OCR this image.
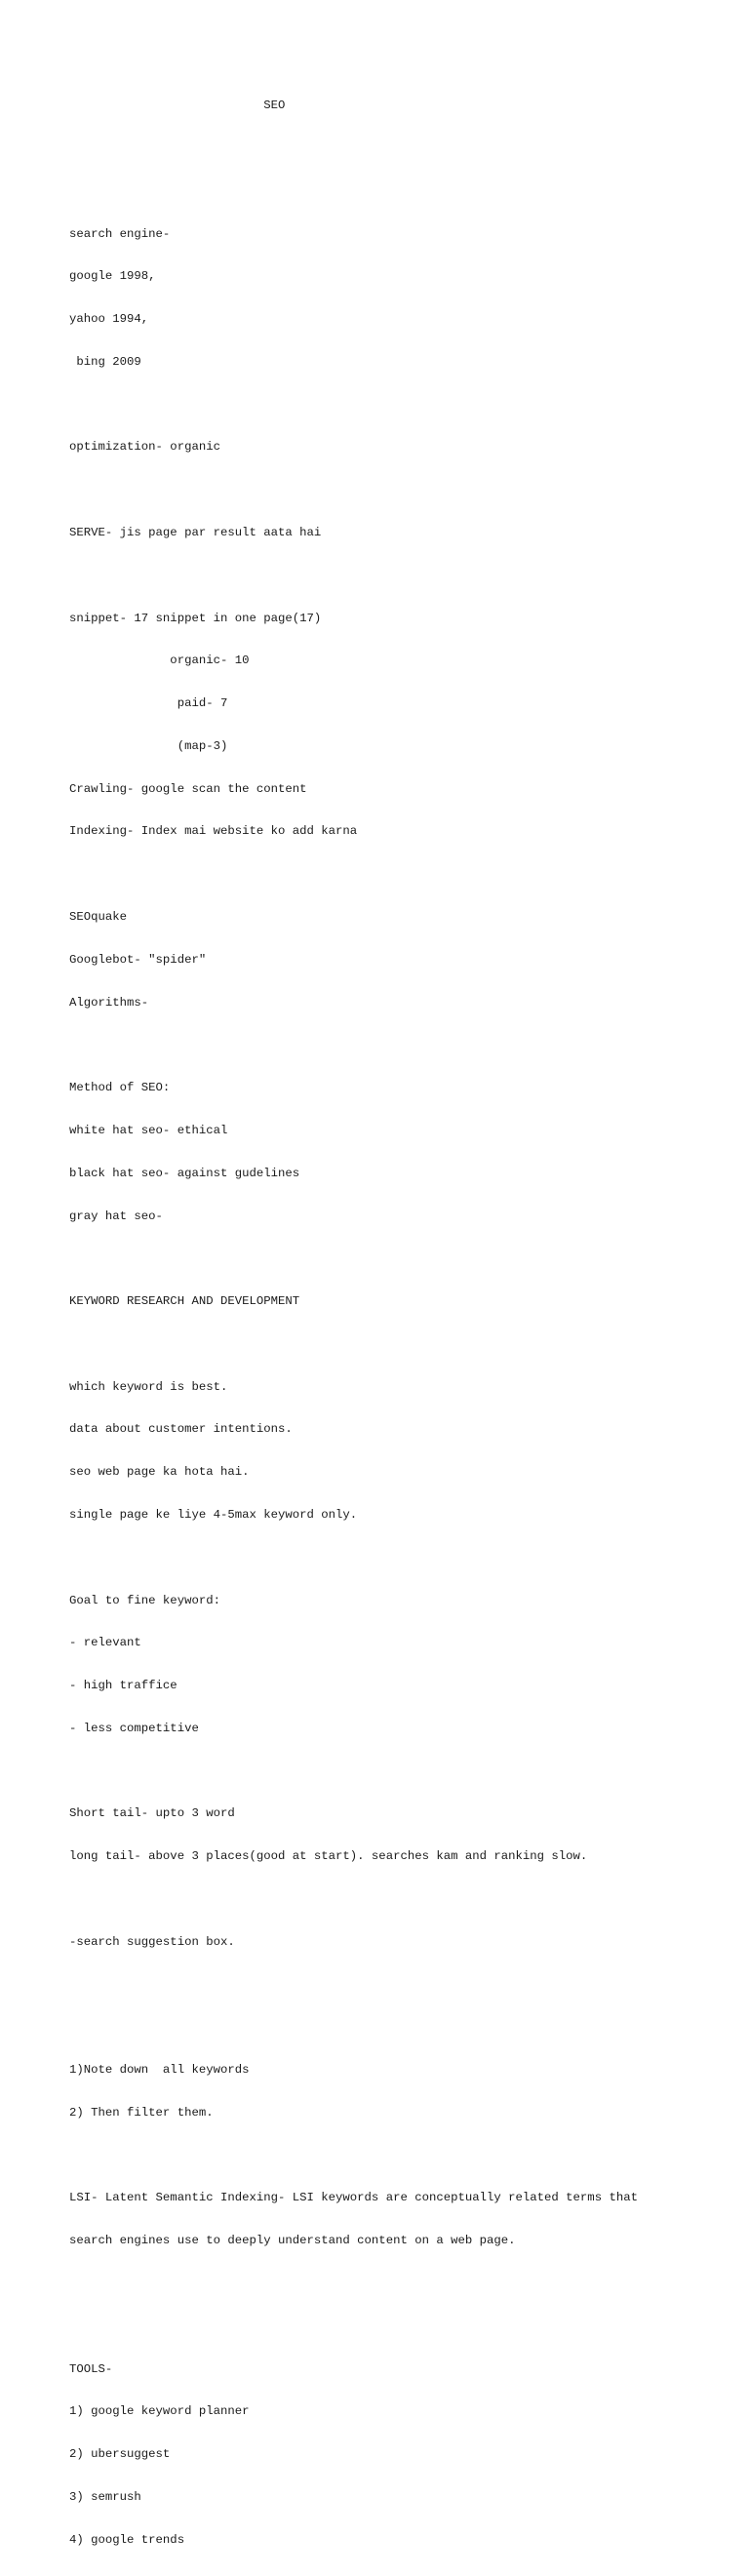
SEO

search engine-

google 1998,

yahoo 1994,

bing 2009

optimization- organic

SERVE- jis page par result aata hai

snippet- 17 snippet in one page(17)

organic- 10

paid- 7

(map-3)

Crawling- google scan the content

Indexing- Index mai website ko add karna

SEOquake

Googlebot- "spider"

Algorithms-

Method of SEO:

white hat seo- ethical

black hat seo- against gudelines

gray hat seo-

KEYWORD RESEARCH AND DEVELOPMENT

which keyword is best.

data about customer intentions.

seo web page ka hota hai.

single page ke liye 4-5max keyword only.

Goal to fine keyword:

- relevant

- high traffice

- less competitive

Short tail- upto 3 word

long tail- above 3 places(good at start). searches kam and ranking slow.

-search suggestion box.

1)Note down  all keywords

2) Then filter them.

LSI- Latent Semantic Indexing- LSI keywords are conceptually related terms that

search engines use to deeply understand content on a web page.

TOOLS-

1) google keyword planner

2) ubersuggest

3) semrush

4) google trends
